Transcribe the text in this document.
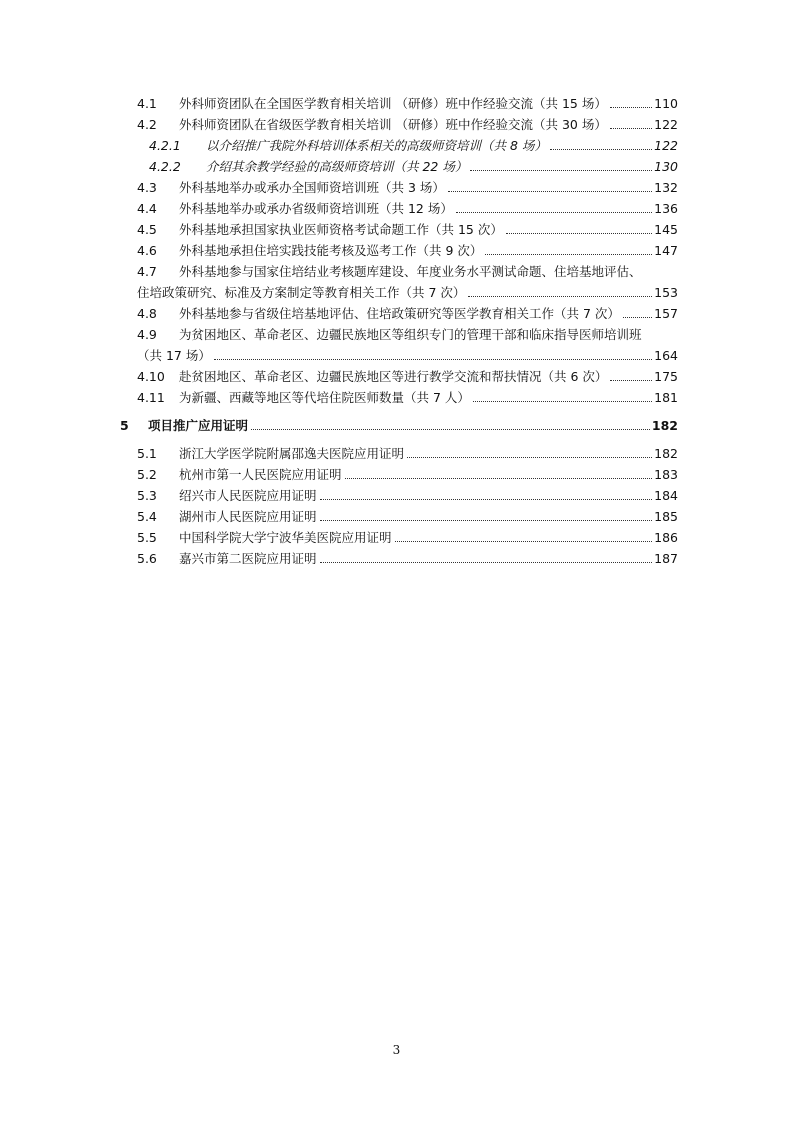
4.1	外科师资团队在全国医学教育相关培训 （研修）班中作经验交流（共 15 场）	110
4.2	外科师资团队在省级医学教育相关培训 （研修）班中作经验交流（共 30 场）	122
4.2.1	以介绍推广我院外科培训体系相关的高级师资培训（共 8 场）	122
4.2.2	介绍其余教学经验的高级师资培训（共 22 场）	130
4.3	外科基地举办或承办全国师资培训班（共 3 场）	132
4.4	外科基地举办或承办省级师资培训班（共 12 场）	136
4.5	外科基地承担国家执业医师资格考试命题工作（共 15 次）	145
4.6	外科基地承担住培实践技能考核及巡考工作（共 9 次）	147
4.7 外科基地参与国家住培结业考核题库建设、年度业务水平测试命题、住培基地评估、
住培政策研究、标准及方案制定等教育相关工作（共 7 次）	153
4.8	外科基地参与省级住培基地评估、住培政策研究等医学教育相关工作（共 7 次）	157
4.9 为贫困地区、革命老区、边疆民族地区等组织专门的管理干部和临床指导医师培训班
（共 17 场）	164
4.10	赴贫困地区、革命老区、边疆民族地区等进行教学交流和帮扶情况（共 6 次）	175
4.11	为新疆、西藏等地区等代培住院医师数量（共 7 人）	181
5	项目推广应用证明	182
5.1	浙江大学医学院附属邵逸夫医院应用证明	182
5.2	杭州市第一人民医院应用证明	183
5.3	绍兴市人民医院应用证明	184
5.4	湖州市人民医院应用证明	185
5.5	中国科学院大学宁波华美医院应用证明	186
5.6	嘉兴市第二医院应用证明	187
3
